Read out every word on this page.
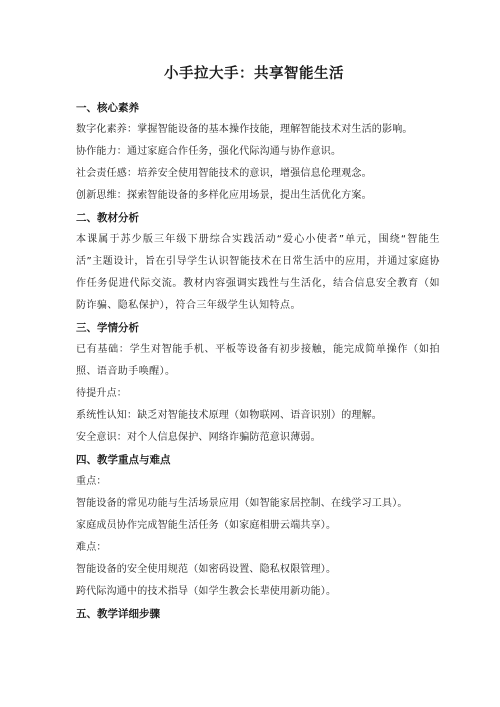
小手拉大手：共享智能生活
一、核心素养

数字化素养：掌握智能设备的基本操作技能，理解智能技术对生活的影响。

协作能力：通过家庭合作任务，强化代际沟通与协作意识。

社会责任感：培养安全使用智能技术的意识，增强信息伦理观念。

创新思维：探索智能设备的多样化应用场景，提出生活优化方案。

二、教材分析

本课属于苏少版三年级下册综合实践活动“爱心小使者”单元，围绕“智能生活”主题设计，旨在引导学生认识智能技术在日常生活中的应用，并通过家庭协作任务促进代际交流。教材内容强调实践性与生活化，结合信息安全教育（如防诈骗、隐私保护），符合三年级学生认知特点。

三、学情分析

已有基础：学生对智能手机、平板等设备有初步接触，能完成简单操作（如拍照、语音助手唤醒）。

待提升点：

系统性认知：缺乏对智能技术原理（如物联网、语音识别）的理解。

安全意识：对个人信息保护、网络诈骗防范意识薄弱。

四、教学重点与难点

重点：

智能设备的常见功能与生活场景应用（如智能家居控制、在线学习工具）。

家庭成员协作完成智能生活任务（如家庭相册云端共享）。

难点：

智能设备的安全使用规范（如密码设置、隐私权限管理）。

跨代际沟通中的技术指导（如学生教会长辈使用新功能）。

五、教学详细步骤
